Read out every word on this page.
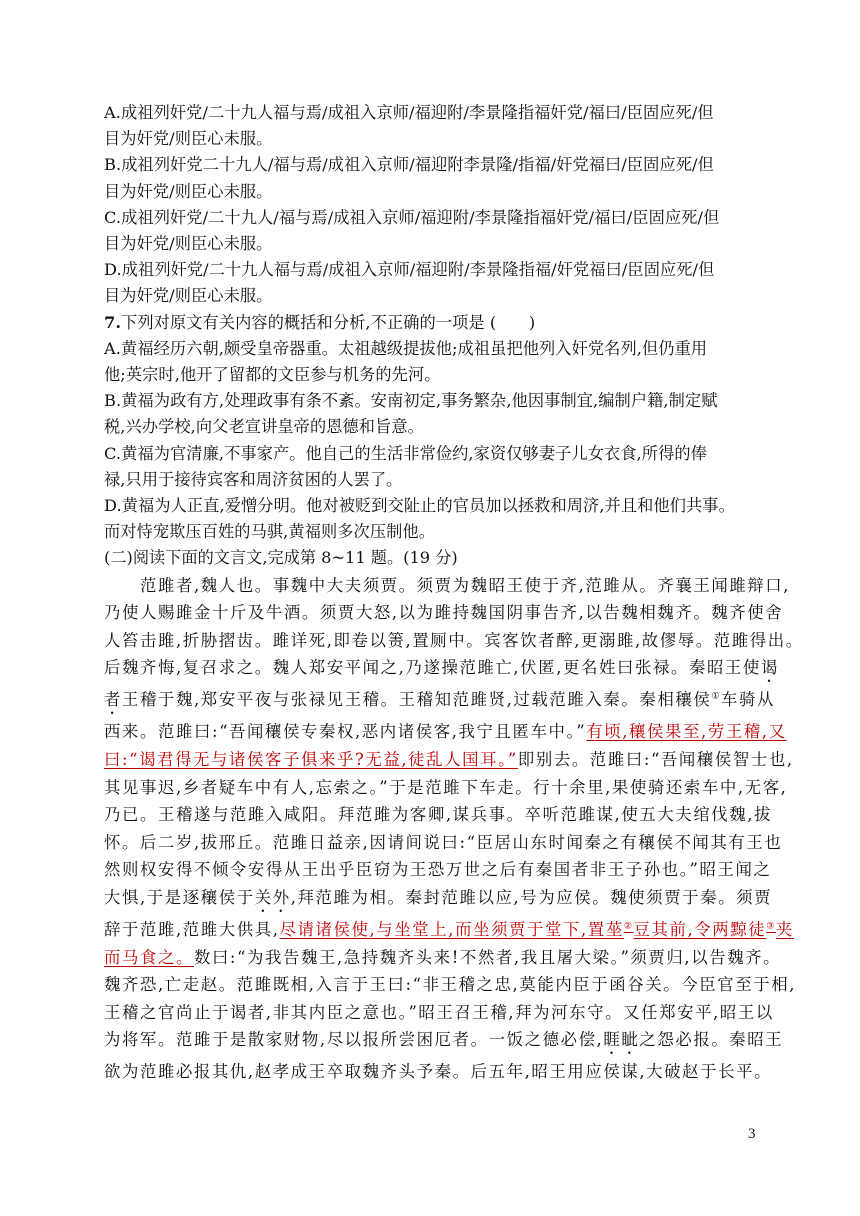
A.成祖列奸党/二十九人福与焉/成祖入京师/福迎附/李景隆指福奸党/福曰/臣固应死/但
目为奸党/则臣心未服。
B.成祖列奸党二十九人/福与焉/成祖入京师/福迎附李景隆/指福/奸党福曰/臣固应死/但
目为奸党/则臣心未服。
C.成祖列奸党/二十九人/福与焉/成祖入京师/福迎附/李景隆指福奸党/福曰/臣固应死/但
目为奸党/则臣心未服。
D.成祖列奸党/二十九人福与焉/成祖入京师/福迎附/李景隆指福/奸党福曰/臣固应死/但
目为奸党/则臣心未服。
7.下列对原文有关内容的概括和分析,不正确的一项是 (　　)
A.黄福经历六朝,颇受皇帝器重。太祖越级提拔他;成祖虽把他列入奸党名列,但仍重用
他;英宗时,他开了留都的文臣参与机务的先河。
B.黄福为政有方,处理政事有条不紊。安南初定,事务繁杂,他因事制宜,编制户籍,制定赋
税,兴办学校,向父老宣讲皇帝的恩德和旨意。
C.黄福为官清廉,不事家产。他自己的生活非常俭约,家资仅够妻子儿女衣食,所得的俸
禄,只用于接待宾客和周济贫困的人罢了。
D.黄福为人正直,爱憎分明。他对被贬到交阯止的官员加以拯救和周济,并且和他们共事。
而对恃宠欺压百姓的马骐,黄福则多次压制他。
(二)阅读下面的文言文,完成第 8~11 题。(19 分)
范雎者,魏人也。事魏中大夫须贾。须贾为魏昭王使于齐,范雎从。齐襄王闻雎辩口,
乃使人赐雎金十斤及牛酒。须贾大怒,以为雎持魏国阴事告齐,以告魏相魏齐。魏齐使舍
人笞击雎,折胁摺齿。雎详死,即卷以箦,置厕中。宾客饮者醉,更溺雎,故僇辱。范雎得出。
后魏齐悔,复召求之。魏人郑安平闻之,乃遂操范雎亡,伏匿,更名姓曰张禄。秦昭王使谒
者王稽于魏,郑安平夜与张禄见王稽。王稽知范雎贤,过载范雎入秦。秦相穰侯①车骑从
西来。范雎曰:“吾闻穰侯专秦权,恶内诸侯客,我宁且匿车中。”有顷,穰侯果至,劳王稽,又
曰:“谒君得无与诸侯客子俱来乎?无益,徒乱人国耳。”即别去。范雎曰:“吾闻穰侯智士也,
其见事迟,乡者疑车中有人,忘索之。”于是范雎下车走。行十余里,果使骑还索车中,无客,
乃已。王稽遂与范雎入咸阳。拜范雎为客卿,谋兵事。卒听范雎谋,使五大夫绾伐魏,拔
怀。后二岁,拔邢丘。范雎日益亲,因请间说曰:“臣居山东时闻秦之有穰侯不闻其有王也
然则权安得不倾令安得从王出乎臣窃为王恐万世之后有秦国者非王子孙也。”昭王闻之
大惧,于是逐穰侯于关外,拜范雎为相。秦封范雎以应,号为应侯。魏使须贾于秦。须贾
辞于范雎,范雎大供具,尽请诸侯使,与坐堂上,而坐须贾于堂下,置莝②豆其前,令两黥徒③夹
而马食之。数曰:“为我告魏王,急持魏齐头来!不然者,我且屠大梁。”须贾归,以告魏齐。
魏齐恐,亡走赵。范雎既相,入言于王曰:“非王稽之忠,莫能内臣于函谷关。今臣官至于相,
王稽之官尚止于谒者,非其内臣之意也。”昭王召王稽,拜为河东守。又任郑安平,昭王以
为将军。范雎于是散家财物,尽以报所尝困厄者。一饭之德必偿,睚眦之怨必报。秦昭王
欲为范雎必报其仇,赵孝成王卒取魏齐头予秦。后五年,昭王用应侯谋,大破赵于长平。
3
